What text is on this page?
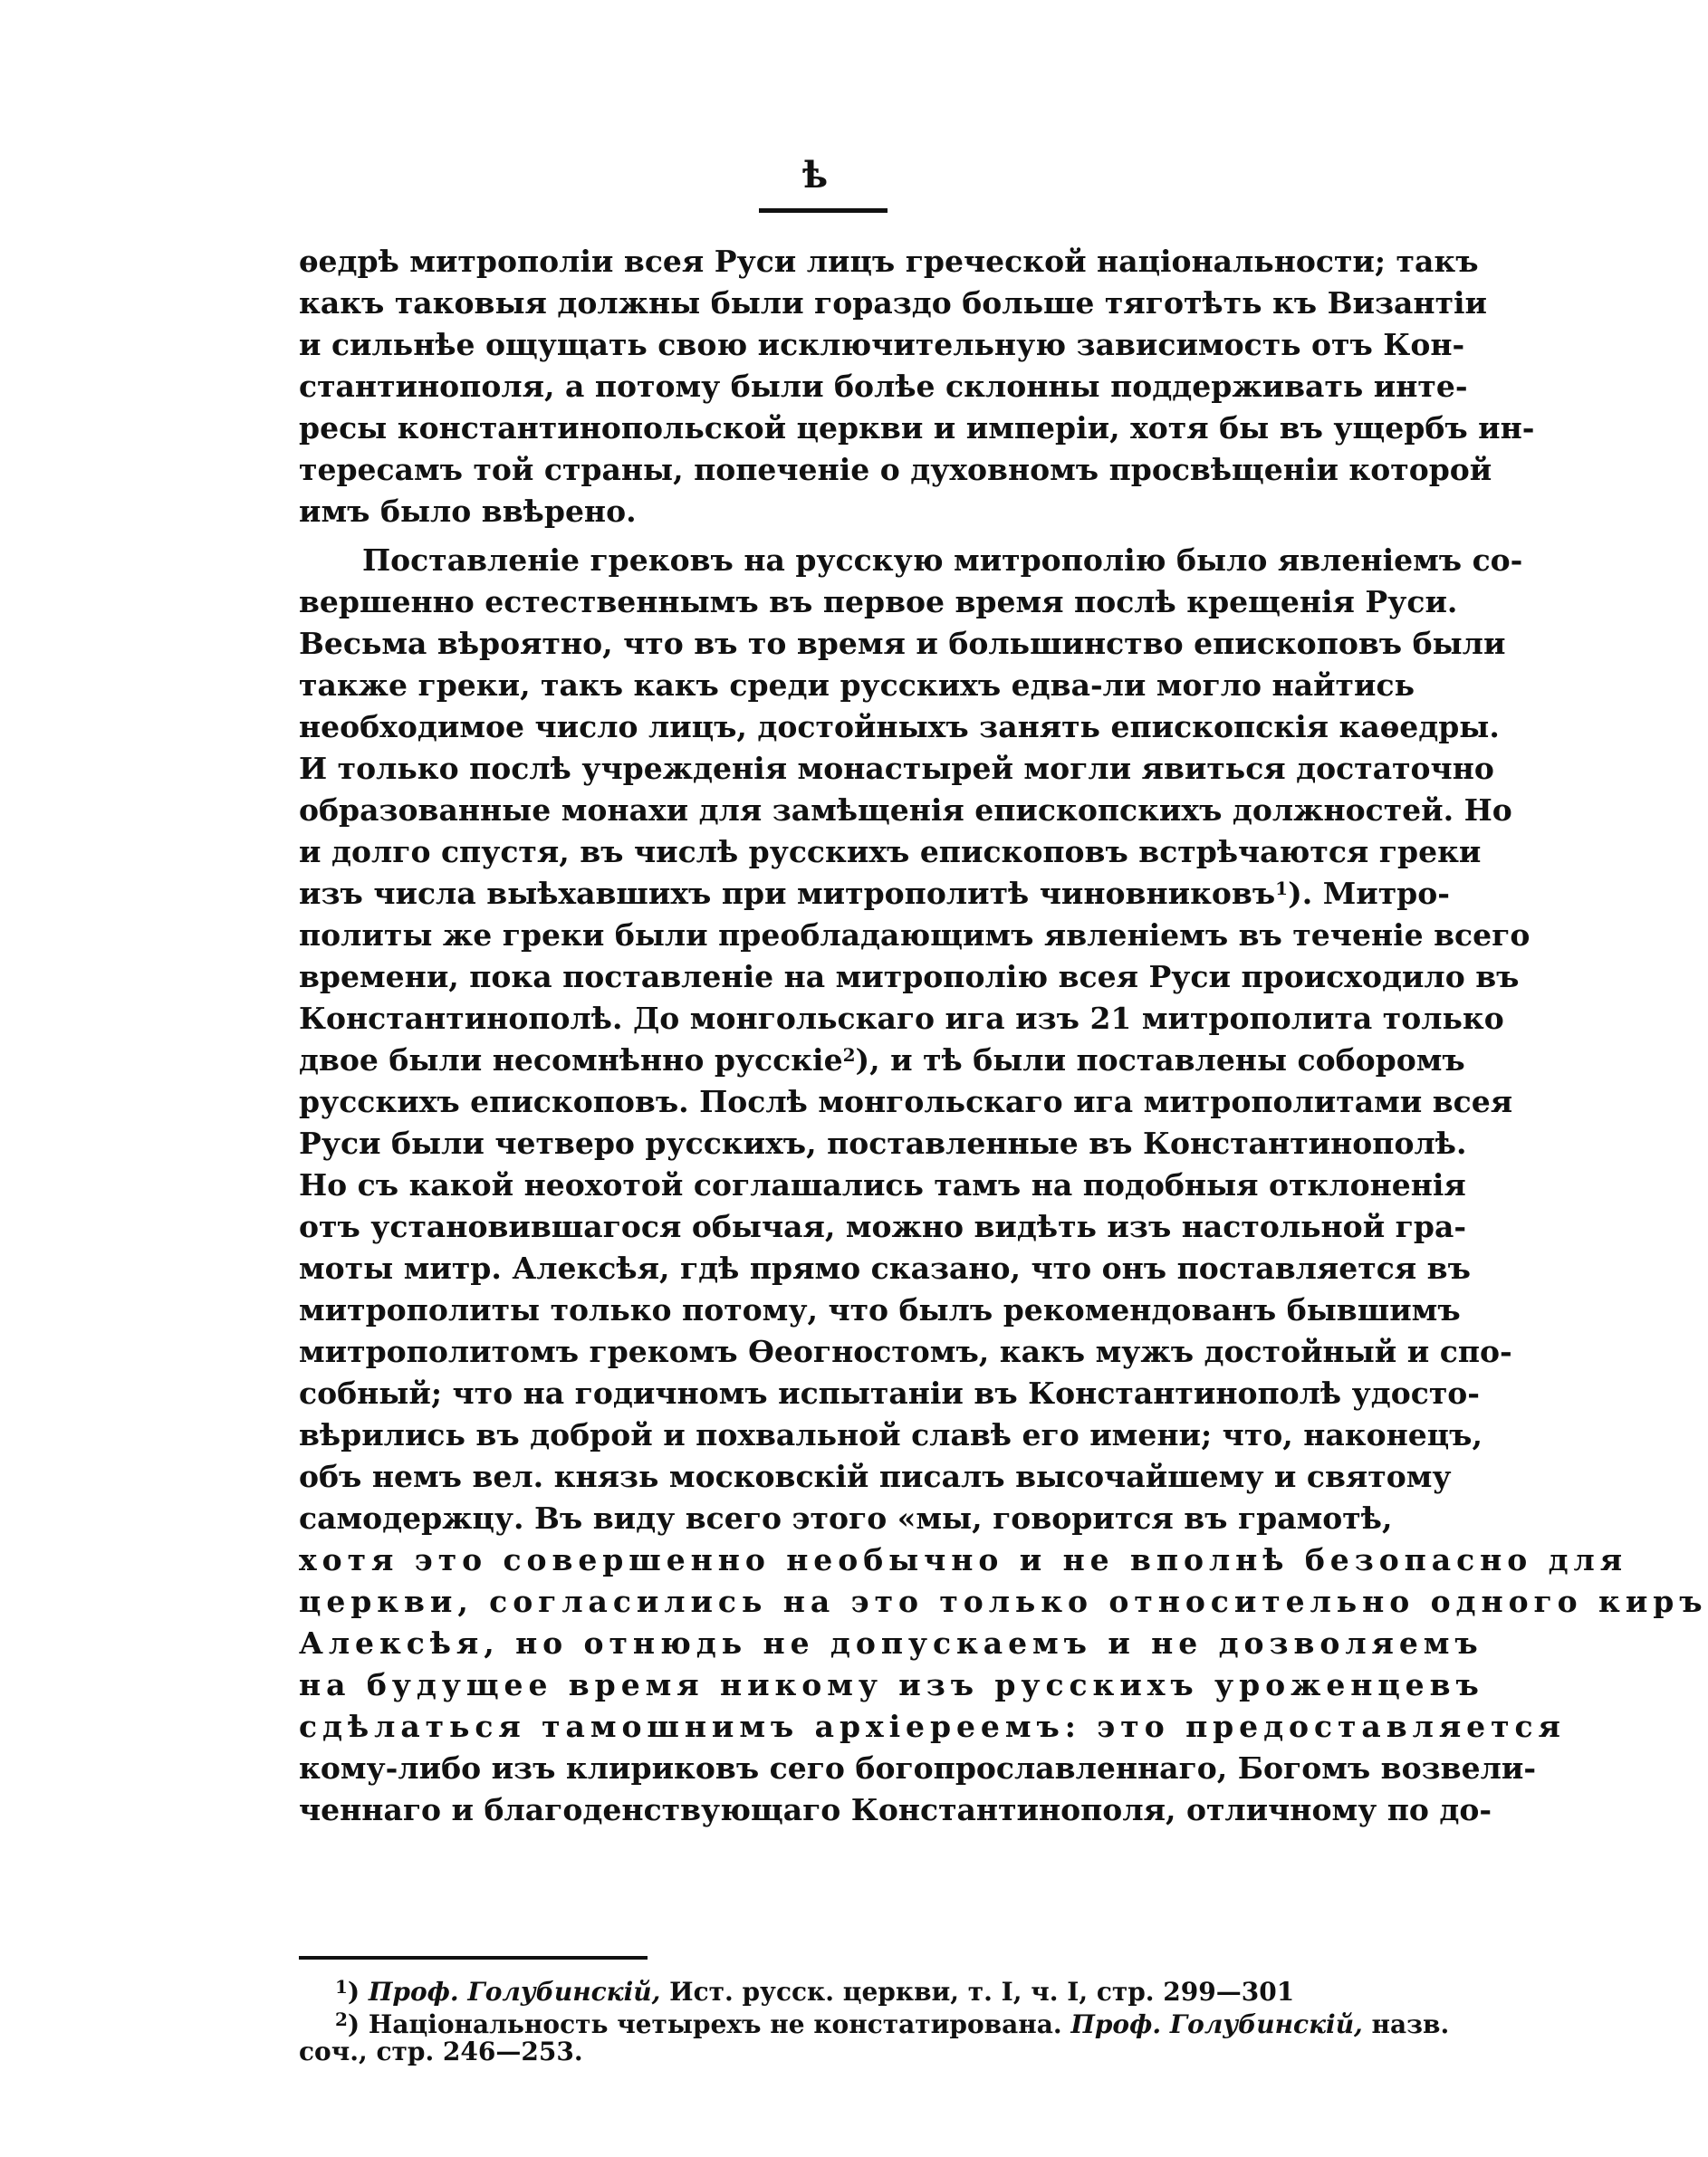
ѣ
ѳедрѣ митрополіи всея Руси лицъ греческой національности; такъ
какъ таковыя должны были гораздо больше тяготѣть къ Византіи
и сильнѣе ощущать свою исключительную зависимость отъ Кон-
стантинополя, а потому были болѣе склонны поддерживать инте-
ресы константинопольской церкви и имперіи, хотя бы въ ущербъ ин-
тересамъ той страны, попеченіе о духовномъ просвѣщеніи которой
имъ было ввѣрено.
Поставленіе грековъ на русскую митрополію было явленіемъ со-
вершенно естественнымъ въ первое время послѣ крещенія Руси.
Весьма вѣроятно, что въ то время и большинство епископовъ были
также греки, такъ какъ среди русскихъ едва-ли могло найтись
необходимое число лицъ, достойныхъ занять епископскія каѳедры.
И только послѣ учрежденія монастырей могли явиться достаточно
образованные монахи для замѣщенія епископскихъ должностей. Но
и долго спустя, въ числѣ русскихъ епископовъ встрѣчаются греки
изъ числа выѣхавшихъ при митрополитѣ чиновниковъ$^1$). Митро-
политы же греки были преобладающимъ явленіемъ въ теченіе всего
времени, пока поставленіе на митрополію всея Руси происходило въ
Константинополѣ. До монгольскаго ига изъ 21 митрополита только
двое были несомнѣнно русскіе$^2$), и тѣ были поставлены соборомъ
русскихъ епископовъ. Послѣ монгольскаго ига митрополитами всея
Руси были четверо русскихъ, поставленные въ Константинополѣ.
Но съ какой неохотой соглашались тамъ на подобныя отклоненія
отъ установившагося обычая, можно видѣть изъ настольной гра-
моты митр. Алексѣя, гдѣ прямо сказано, что онъ поставляется въ
митрополиты только потому, что былъ рекомендованъ бывшимъ
митрополитомъ грекомъ Ѳеогностомъ, какъ мужъ достойный и спо-
собный; что на годичномъ испытаніи въ Константинополѣ удосто-
вѣрились въ доброй и похвальной славѣ его имени; что, наконецъ,
объ немъ вел. князь московскій писалъ высочайшему и святому
самодержцу. Въ виду всего этого «мы, говорится въ грамотѣ,
хотя это совершенно необычно и не вполнѣ безопасно для
церкви, согласились на это только относительно одного киръ
Алексѣя, но отнюдь не допускаемъ и не дозволяемъ
на будущее время никому изъ русскихъ уроженцевъ
сдѣлаться тамошнимъ архіереемъ: это предоставляется
кому-либо изъ клириковъ сего богопрославленнаго, Богомъ возвели-
ченнаго и благоденствующаго Константинополя, отличному по до-
$^1$) Проф. Голубинскій, Ист. русск. церкви, т. I, ч. I, стр. 299—301
$^2$) Національность четырехъ не констатирована. Проф. Голубинскій, назв.
соч., стр. 246—253.
